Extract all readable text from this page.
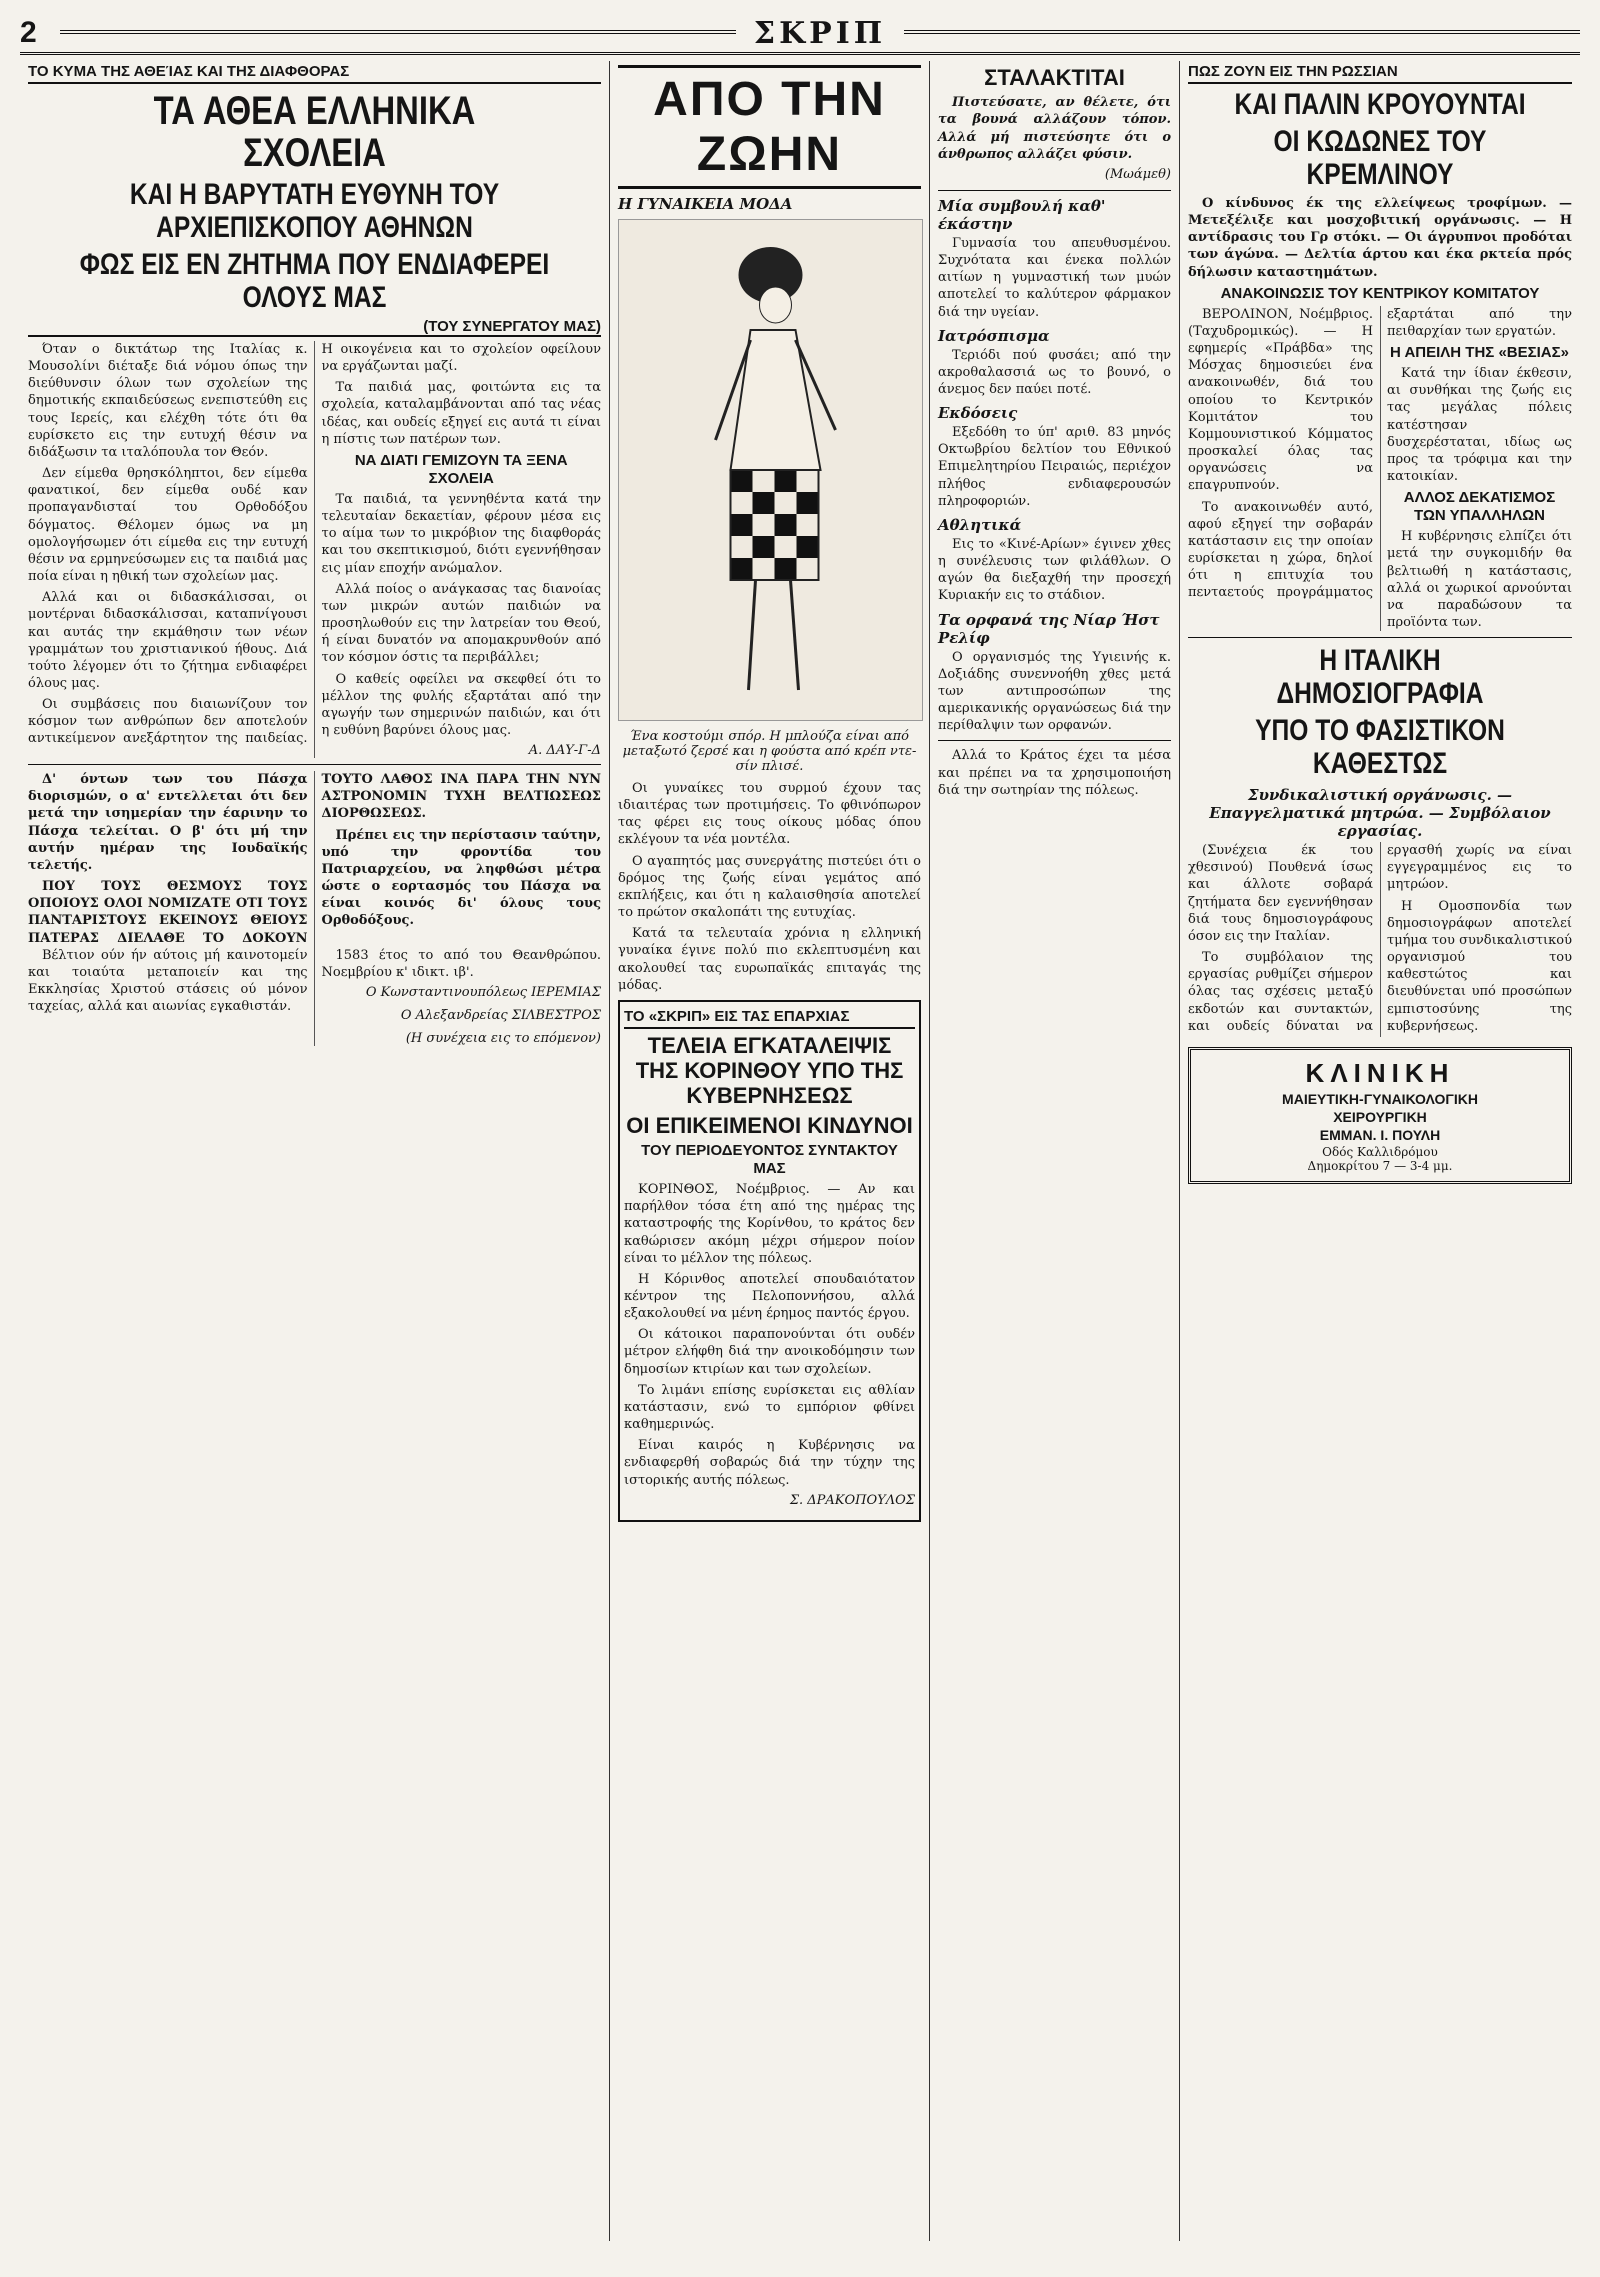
2	ΣΚΡΙΠ
ΤΟ ΚΥΜΑ ΤΗΣ ΑΘΕΊΑΣ ΚΑΙ ΤΗΣ ΔΙΑΦΘΟΡΑΣ
ΤΑ ΑΘΕΑ ΕΛΛΗΝΙΚΑ ΣΧΟΛΕΙΑ
ΚΑΙ Η ΒΑΡΥΤΑΤΗ ΕΥΘΥΝΗ ΤΟΥ ΑΡΧΙΕΠΙΣΚΟΠΟΥ ΑΘΗΝΩΝ
ΦΩΣ ΕΙΣ ΕΝ ΖΗΤΗΜΑ ΠΟΥ ΕΝΔΙΑΦΕΡΕΙ ΟΛΟΥΣ ΜΑΣ
(ΤΟΥ ΣΥΝΕΡΓΑΤΟΥ ΜΑΣ)

Όταν ο δικτάτωρ της Ιταλίας κ. Μουσολίνι διέταξε διά νόμου όπως την διεύθυνσιν όλων των σχολείων της δημοτικής εκπαιδεύσεως ενεπιστεύθη εις τους Ιερείς, και ελέχθη τότε ότι θα ευρίσκετο εις την ευτυχή θέσιν να διδάξωσιν τα ιταλόπουλα τον Θεόν.

Δεν είμεθα θρησκόληπτοι, δεν είμεθα φανατικοί, δεν είμεθα ουδέ καν προπαγανδισταί του Ορθοδόξου δόγματος. Θέλομεν όμως να μη ομολογήσωμεν ότι είμεθα εις την ευτυχή θέσιν να ερμηνεύσωμεν εις τα παιδιά μας ποία είναι η ηθική των σχολείων μας.

Αλλά και οι διδασκάλισσαι, οι μοντέρναι διδασκάλισσαι, καταπνίγουσι και αυτάς την εκμάθησιν των νέων γραμμάτων του χριστιανικού ήθους. Διά τούτο λέγομεν ότι το ζήτημα ενδιαφέρει όλους μας.

Οι συμβάσεις που διαιωνίζουν τον κόσμον των ανθρώπων δεν αποτελούν αντικείμενον ανεξάρτητον της παιδείας. Η οικογένεια και το σχολείον οφείλουν να εργάζωνται μαζί.

Τα παιδιά μας, φοιτώντα εις τα σχολεία, καταλαμβάνονται από τας νέας ιδέας, και ουδείς εξηγεί εις αυτά τι είναι η πίστις των πατέρων των.

ΝΑ ΔΙΑΤΙ ΓΕΜΙΖΟΥΝ ΤΑ ΞΕΝΑ ΣΧΟΛΕΙΑ

Τα παιδιά, τα γεννηθέντα κατά την τελευταίαν δεκαετίαν, φέρουν μέσα εις το αίμα των το μικρόβιον της διαφθοράς και του σκεπτικισμού, διότι εγεννήθησαν εις μίαν εποχήν ανώμαλον.

Αλλά ποίος ο ανάγκασας τας διανοίας των μικρών αυτών παιδιών να προσηλωθούν εις την λατρείαν του Θεού, ή είναι δυνατόν να απομακρυνθούν από τον κόσμον όστις τα περιβάλλει;

Ο καθείς οφείλει να σκεφθεί ότι το μέλλον της φυλής εξαρτάται από την αγωγήν των σημερινών παιδιών, και ότι η ευθύνη βαρύνει όλους μας.

Α. ΔΑΥ-Γ-Δ

Δ' όντων των του Πάσχα διορισμών, ο α' εντελλεται ότι δεν μετά την ισημερίαν την έαρινην το Πάσχα τελείται. Ο β' ότι μή την αυτήν ημέραν της Ιουδαϊκής τελετής.

ΠΟΥ ΤΟΥΣ ΘΕΣΜΟΥΣ ΤΟΥΣ ΟΠΟΙΟΥΣ ΟΛΟΙ ΝΟΜΙΖΑΤΕ ΟΤΙ ΤΟΥΣ ΠΑΝΤΑΡΙΣΤΟΥΣ ΕΚΕΙΝΟΥΣ ΘΕΙΟΥΣ ΠΑΤΕΡΑΣ ΔΙΕΛΑΘΕ ΤΟ ΔΟΚΟΥΝ ΤΟΥΤΟ ΛΑΘΟΣ ΙΝΑ ΠΑΡΑ ΤΗΝ ΝΥΝ ΑΣΤΡΟΝΟΜΙΝ ΤΥΧΗ ΒΕΛΤΙΩΣΕΩΣ ΔΙΟΡΘΩΣΕΩΣ.

Πρέπει εις την περίστασιν ταύτην, υπό την φροντίδα του Πατριαρχείου, να ληφθώσι μέτρα ώστε ο εορτασμός του Πάσχα να είναι κοινός δι' όλους τους Ορθοδόξους.

Βέλτιον ούν ήν αύτοις μή καινοτομείν και τοιαύτα μεταποιείν και της Εκκλησίας Χριστού στάσεις ού μόνον ταχείας, αλλά και αιωνίας εγκαθιστάν.

1583 έτος το από του Θεανθρώπου. Νοεμβρίου κ' ιδικτ. ιβ'.

Ο Κωνσταντινουπόλεως ΙΕΡΕΜΙΑΣ
Ο Αλεξανδρείας ΣΙΛΒΕΣΤΡΟΣ
(Η συνέχεια εις το επόμενον)
ΑΠΟ ΤΗΝ ΖΩΗΝ
Η ΓΥΝΑΙΚΕΙΑ ΜΟΔΑ
Ένα κοστούμι σπόρ. Η μπλούζα είναι από μεταξωτό ζερσέ και η φούστα από κρέπ ντε-σίν πλισέ.

Οι γυναίκες του συρμού έχουν τας ιδιαιτέρας των προτιμήσεις. Το φθινόπωρον τας φέρει εις τους οίκους μόδας όπου εκλέγουν τα νέα μοντέλα.

Ο αγαπητός μας συνεργάτης πιστεύει ότι ο δρόμος της ζωής είναι γεμάτος από εκπλήξεις, και ότι η καλαισθησία αποτελεί το πρώτον σκαλοπάτι της ευτυχίας.

Κατά τα τελευταία χρόνια η ελληνική γυναίκα έγινε πολύ πιο εκλεπτυσμένη και ακολουθεί τας ευρωπαϊκάς επιταγάς της μόδας.

ΤΟ «ΣΚΡΙΠ» ΕΙΣ ΤΑΣ ΕΠΑΡΧΙΑΣ
ΤΕΛΕΙΑ ΕΓΚΑΤΑΛΕΙΨΙΣ ΤΗΣ ΚΟΡΙΝΘΟΥ ΥΠΟ ΤΗΣ ΚΥΒΕΡΝΗΣΕΩΣ
ΟΙ ΕΠΙΚΕΙΜΕΝΟΙ ΚΙΝΔΥΝΟΙ
ΤΟΥ ΠΕΡΙΟΔΕΥΟΝΤΟΣ ΣΥΝΤΑΚΤΟΥ ΜΑΣ

ΚΟΡΙΝΘΟΣ, Νοέμβριος. — Αν και παρήλθον τόσα έτη από της ημέρας της καταστροφής της Κορίνθου, το κράτος δεν καθώρισεν ακόμη μέχρι σήμερον ποίον είναι το μέλλον της πόλεως.

Η Κόρινθος αποτελεί σπουδαιότατον κέντρον της Πελοποννήσου, αλλά εξακολουθεί να μένη έρημος παντός έργου.

Οι κάτοικοι παραπονούνται ότι ουδέν μέτρον ελήφθη διά την ανοικοδόμησιν των δημοσίων κτιρίων και των σχολείων.

Το λιμάνι επίσης ευρίσκεται εις αθλίαν κατάστασιν, ενώ το εμπόριον φθίνει καθημερινώς.

Είναι καιρός η Κυβέρνησις να ενδιαφερθή σοβαρώς διά την τύχην της ιστορικής αυτής πόλεως.

Σ. ΔΡΑΚΟΠΟΥΛΟΣ
ΣΤΑΛΑΚΤΙΤΑΙ

Πιστεύσατε, αν θέλετε, ότι τα βουνά αλλάζουν τόπον. Αλλά μή πιστεύσητε ότι ο άνθρωπος αλλάζει φύσιν.

(Μωάμεθ)
Μία συμβουλή καθ' έκάστην

Γυμνασία του απευθυσμένου. Συχνότατα και ένεκα πολλών αιτίων η γυμναστική των μυών αποτελεί το καλύτερον φάρμακον διά την υγείαν.

Ιατρόσπισμα

Τεριόδι πού φυσάει; από την ακροθαλασσιά ως το βουνό, ο άνεμος δεν παύει ποτέ.

Εκδόσεις

Εξεδόθη το ύπ' αριθ. 83 μηνός Οκτωβρίου δελτίον του Εθνικού Επιμελητηρίου Πειραιώς, περιέχον πλήθος ενδιαφερουσών πληροφοριών.

Αθλητικά

Εις το «Κινέ-Αρίων» έγινεν χθες η συνέλευσις των φιλάθλων. Ο αγών θα διεξαχθή την προσεχή Κυριακήν εις το στάδιον.

Τα ορφανά της Νίαρ Ήστ Ρελίφ

Ο οργανισμός της Υγιεινής κ. Δοξιάδης συνεννοήθη χθες μετά των αντιπροσώπων της αμερικανικής οργανώσεως διά την περίθαλψιν των ορφανών.

Αλλά το Κράτος έχει τα μέσα και πρέπει να τα χρησιμοποιήση διά την σωτηρίαν της πόλεως.

ΠΩΣ ΖΟΥΝ ΕΙΣ ΤΗΝ ΡΩΣΣΙΑΝ
ΚΑΙ ΠΑΛΙΝ ΚΡΟΥΟΥΝΤΑΙ
ΟΙ ΚΩΔΩΝΕΣ ΤΟΥ ΚΡΕΜΛΙΝΟΥ

Ο κίνδυνος έκ της ελλείψεως τροφίμων. — Μετεξέλιξε και μοσχοβιτική οργάνωσις. — Η αντίδρασις του Γρ στόκι. — Οι άγρυπνοι προδόται των άγώνα. — Δελτία άρτου και έκα ρκτεία πρός δήλωσιν καταστημάτων.

ΑΝΑΚΟΙΝΩΣΙΣ ΤΟΥ ΚΕΝΤΡΙΚΟΥ ΚΟΜΙΤΑΤΟΥ

ΒΕΡΟΛΙΝΟΝ, Νοέμβριος. (Ταχυδρομικώς). — Η εφημερίς «Πράβδα» της Μόσχας δημοσιεύει ένα ανακοινωθέν, διά του οποίου το Κεντρικόν Κομιτάτον του Κομμουνιστικού Κόμματος προσκαλεί όλας τας οργανώσεις να επαγρυπνούν.

Το ανακοινωθέν αυτό, αφού εξηγεί την σοβαράν κατάστασιν εις την οποίαν ευρίσκεται η χώρα, δηλοί ότι η επιτυχία του πενταετούς προγράμματος εξαρτάται από την πειθαρχίαν των εργατών.

Η ΑΠΕΙΛΗ ΤΗΣ «ΒΕΣΙΑΣ»

Κατά την ίδιαν έκθεσιν, αι συνθήκαι της ζωής εις τας μεγάλας πόλεις κατέστησαν δυσχερέσταται, ιδίως ως προς τα τρόφιμα και την κατοικίαν.

ΑΛΛΟΣ ΔΕΚΑΤΙΣΜΟΣ ΤΩΝ ΥΠΑΛΛΗΛΩΝ

Η κυβέρνησις ελπίζει ότι μετά την συγκομιδήν θα βελτιωθή η κατάστασις, αλλά οι χωρικοί αρνούνται να παραδώσουν τα προϊόντα των.

Η ΙΤΑΛΙΚΗ ΔΗΜΟΣΙΟΓΡΑΦΙΑ
ΥΠΟ ΤΟ ΦΑΣΙΣΤΙΚΟΝ ΚΑΘΕΣΤΩΣ
Συνδικαλιστική οργάνωσις. — Επαγγελματικά μητρώα. — Συμβόλαιον εργασίας.

(Συνέχεια έκ του χθεσινού) Πουθενά ίσως και άλλοτε σοβαρά ζητήματα δεν εγεννήθησαν διά τους δημοσιογράφους όσον εις την Ιταλίαν.

Το συμβόλαιον της εργασίας ρυθμίζει σήμερον όλας τας σχέσεις μεταξύ εκδοτών και συντακτών, και ουδείς δύναται να εργασθή χωρίς να είναι εγγεγραμμένος εις το μητρώον.

Η Ομοσπονδία των δημοσιογράφων αποτελεί τμήμα του συνδικαλιστικού οργανισμού του καθεστώτος και διευθύνεται υπό προσώπων εμπιστοσύνης της κυβερνήσεως.

ΚΛΙΝΙΚΗ
ΜΑΙΕΥΤΙΚΗ-ΓΥΝΑΙΚΟΛΟΓΙΚΗ
ΧΕΙΡΟΥΡΓΙΚΗ
ΕΜΜΑΝ. Ι. ΠΟΥΛΗ
Οδός Καλλιδρόμου
Δημοκρίτου 7 — 3-4 μμ.
